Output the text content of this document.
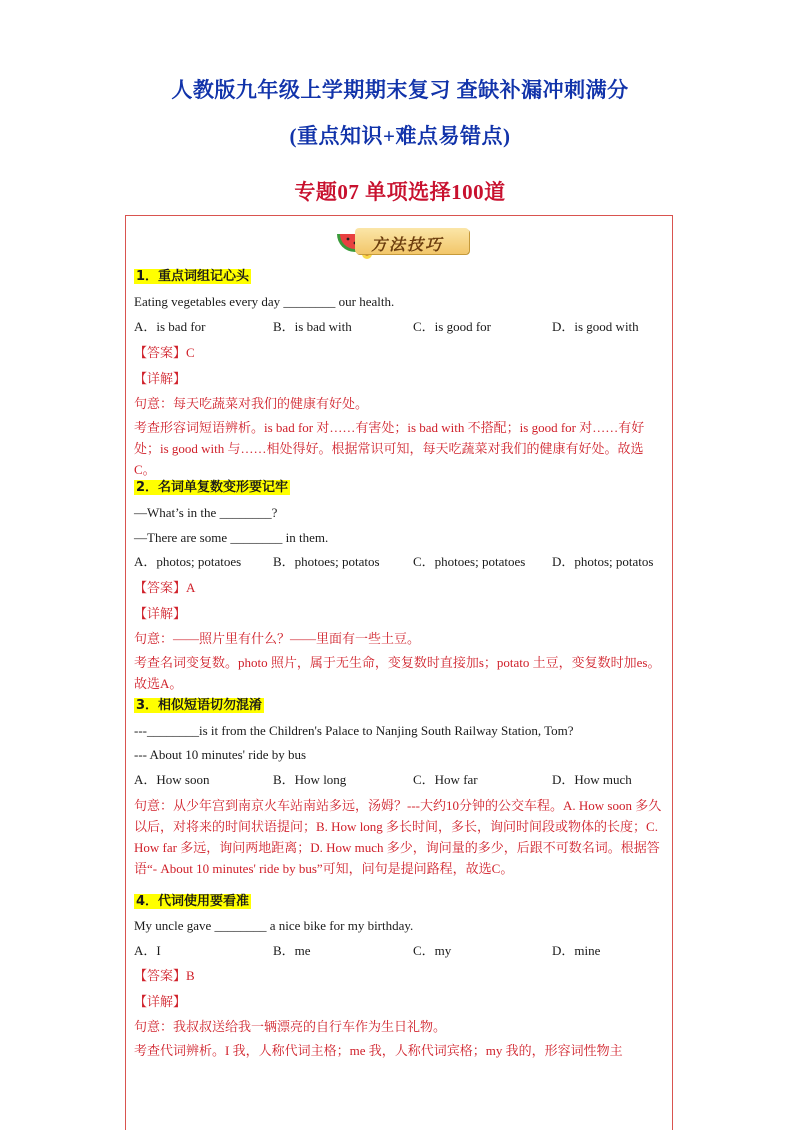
人教版九年级上学期期末复习 查缺补漏冲刺满分
(重点知识+难点易错点)
专题07 单项选择100道
方法技巧
1．重点词组记心头
Eating vegetables every day ________ our health.
A．is bad for	B．is bad with	C．is good for	D．is good with
【答案】C
【详解】
句意：每天吃蔬菜对我们的健康有好处。
考查形容词短语辨析。is bad for 对……有害处；is bad with 不搭配；is good for 对……有好处；is good with 与……相处得好。根据常识可知，每天吃蔬菜对我们的健康有好处。故选C。
2．名词单复数变形要记牢
—What’s in the ________?
—There are some ________ in them.
A．photos; potatoes B．photoes; potatos	C．photoes; potatoes D．photos; potatos
【答案】A
【详解】
句意：——照片里有什么？——里面有一些土豆。
考查名词变复数。photo 照片，属于无生命，变复数时直接加s；potato 土豆，变复数时加es。故选A。
3．相似短语切勿混淆
---________is it from the Children's Palace to Nanjing South Railway Station, Tom?
--- About 10 minutes' ride by bus
A．How soon	B．How long	C．How far	D．How much
句意：从少年宫到南京火车站南站多远，汤姆？---大约10分钟的公交车程。A. How soon 多久以后，对将来的时间状语提问；B. How long 多长时间，多长，询问时间段或物体的长度；C. How far 多远，询问两地距离；D. How much 多少，询问量的多少，后跟不可数名词。根据答语“- About 10 minutes' ride by bus”可知，问句是提问路程，故选C。
4．代词使用要看准
My uncle gave ________ a nice bike for my birthday.
A．I	B．me	C．my	D．mine
【答案】B
【详解】
句意：我叔叔送给我一辆漂亮的自行车作为生日礼物。
考查代词辨析。I 我，人称代词主格；me 我，人称代词宾格；my 我的，形容词性物主
